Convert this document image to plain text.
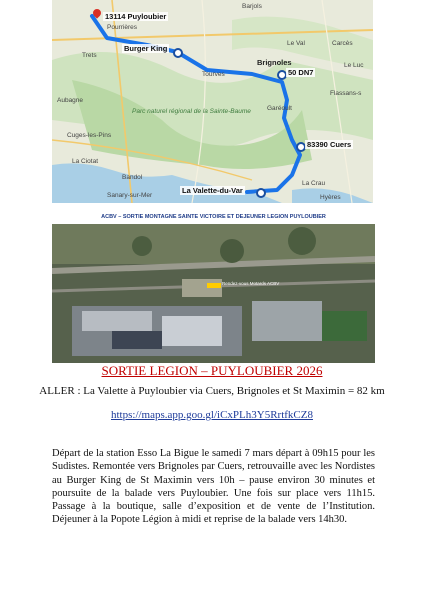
Barjols
Pourrières
Trets
Le Val	Carcès
Tourves
Brignoles
Flassans-s
Aubagne
Cuges-les-Pins
Garéoult
Parc naturel régional de la Sainte-Baume
La Ciotat
Bandol
Sanary-sur-Mer
La Crau
Hyères
Le Luc
13114 Puyloubier
Burger King
50 DN7
83390 Cuers
La Valette-du-Var
ACBV – SORTIE MONTAGNE SAINTE VICTOIRE ET DEJEUNER LEGION PUYLOUBIER
Rendez-vous Motards ACBV
SORTIE LEGION – PUYLOUBIER 2026
ALLER : La Valette à Puyloubier via Cuers, Brignoles et St Maximin = 82 km
https://maps.app.goo.gl/iCxPLh3Y5RrtfkCZ8
Départ de la station Esso La Bigue le samedi 7 mars départ à 09h15 pour les Sudistes. Remontée vers Brignoles par Cuers, retrouvaille avec les Nordistes au Burger King de St Maximin vers 10h – pause environ 30 minutes et poursuite de la balade vers Puyloubier. Une fois sur place vers 11h15. Passage à la boutique, salle d’exposition et de vente de l’Institution. Déjeuner à la Popote Légion à midi et reprise de la balade vers 14h30.
